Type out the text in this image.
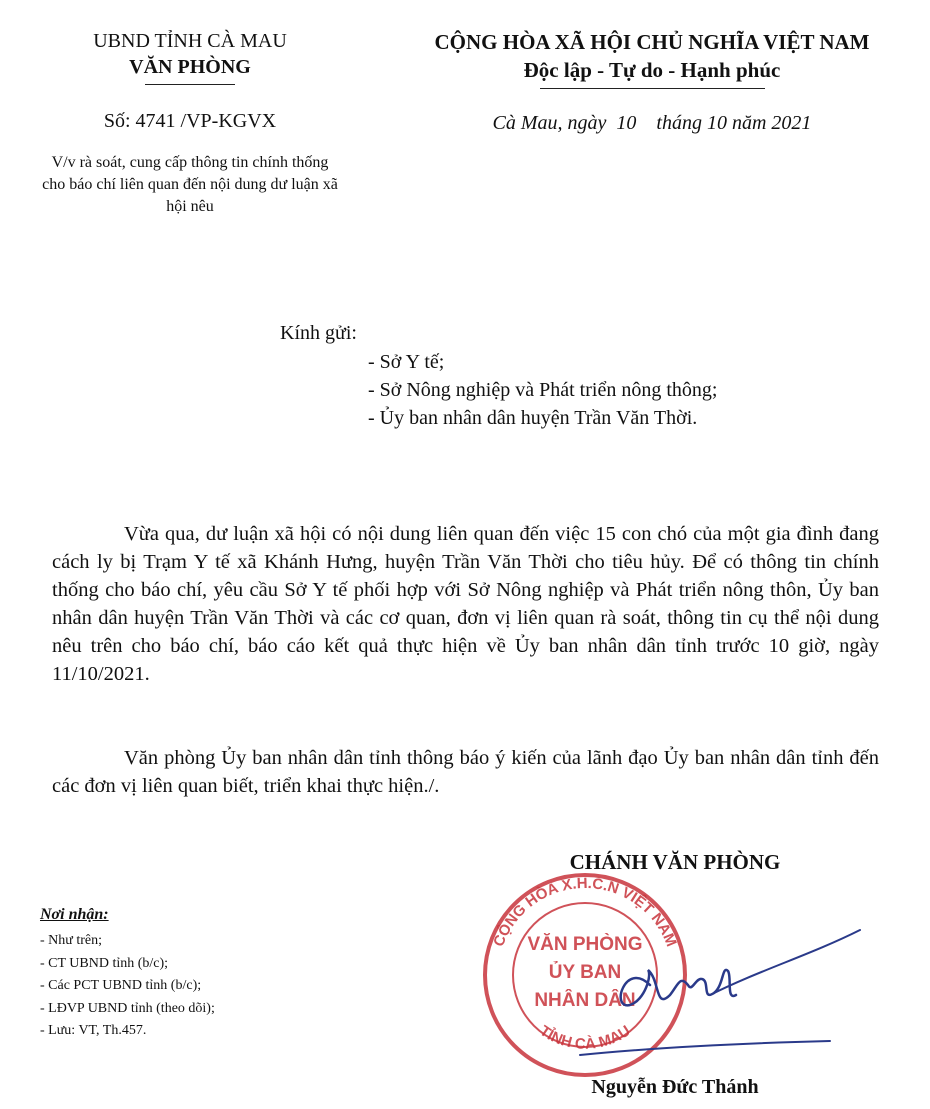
UBND TỈNH CÀ MAU
VĂN PHÒNG
Số: 4741 /VP-KGVX
V/v rà soát, cung cấp thông tin chính thống cho báo chí liên quan đến nội dung dư luận xã hội nêu
CỘNG HÒA XÃ HỘI CHỦ NGHĨA VIỆT NAM
Độc lập - Tự do - Hạnh phúc
Cà Mau, ngày  10    tháng 10 năm 2021
Kính gửi:
- Sở Y tế;
- Sở Nông nghiệp và Phát triển nông thông;
- Ủy ban nhân dân huyện Trần Văn Thời.

Vừa qua, dư luận xã hội có nội dung liên quan đến việc 15 con chó của một gia đình đang cách ly bị Trạm Y tế xã Khánh Hưng, huyện Trần Văn Thời cho tiêu hủy. Để có thông tin chính thống cho báo chí, yêu cầu Sở Y tế phối hợp với Sở Nông nghiệp và Phát triển nông thôn, Ủy ban nhân dân huyện Trần Văn Thời và các cơ quan, đơn vị liên quan rà soát, thông tin cụ thể nội dung nêu trên cho báo chí, báo cáo kết quả thực hiện về Ủy ban nhân dân tỉnh trước 10 giờ, ngày 11/10/2021.

Văn phòng Ủy ban nhân dân tỉnh thông báo ý kiến của lãnh đạo Ủy ban nhân dân tỉnh đến các đơn vị liên quan biết, triển khai thực hiện./.

CHÁNH VĂN PHÒNG
CỘNG HÒA X.H.C.N VIỆT NAM
TỈNH CÀ MAU
VĂN PHÒNG
ỦY BAN
NHÂN DÂN
Nguyễn Đức Thánh
Nơi nhận:
- Như trên;
- CT UBND tỉnh (b/c);
- Các PCT UBND tỉnh (b/c);
- LĐVP UBND tỉnh (theo dõi);
- Lưu: VT, Th.457.
